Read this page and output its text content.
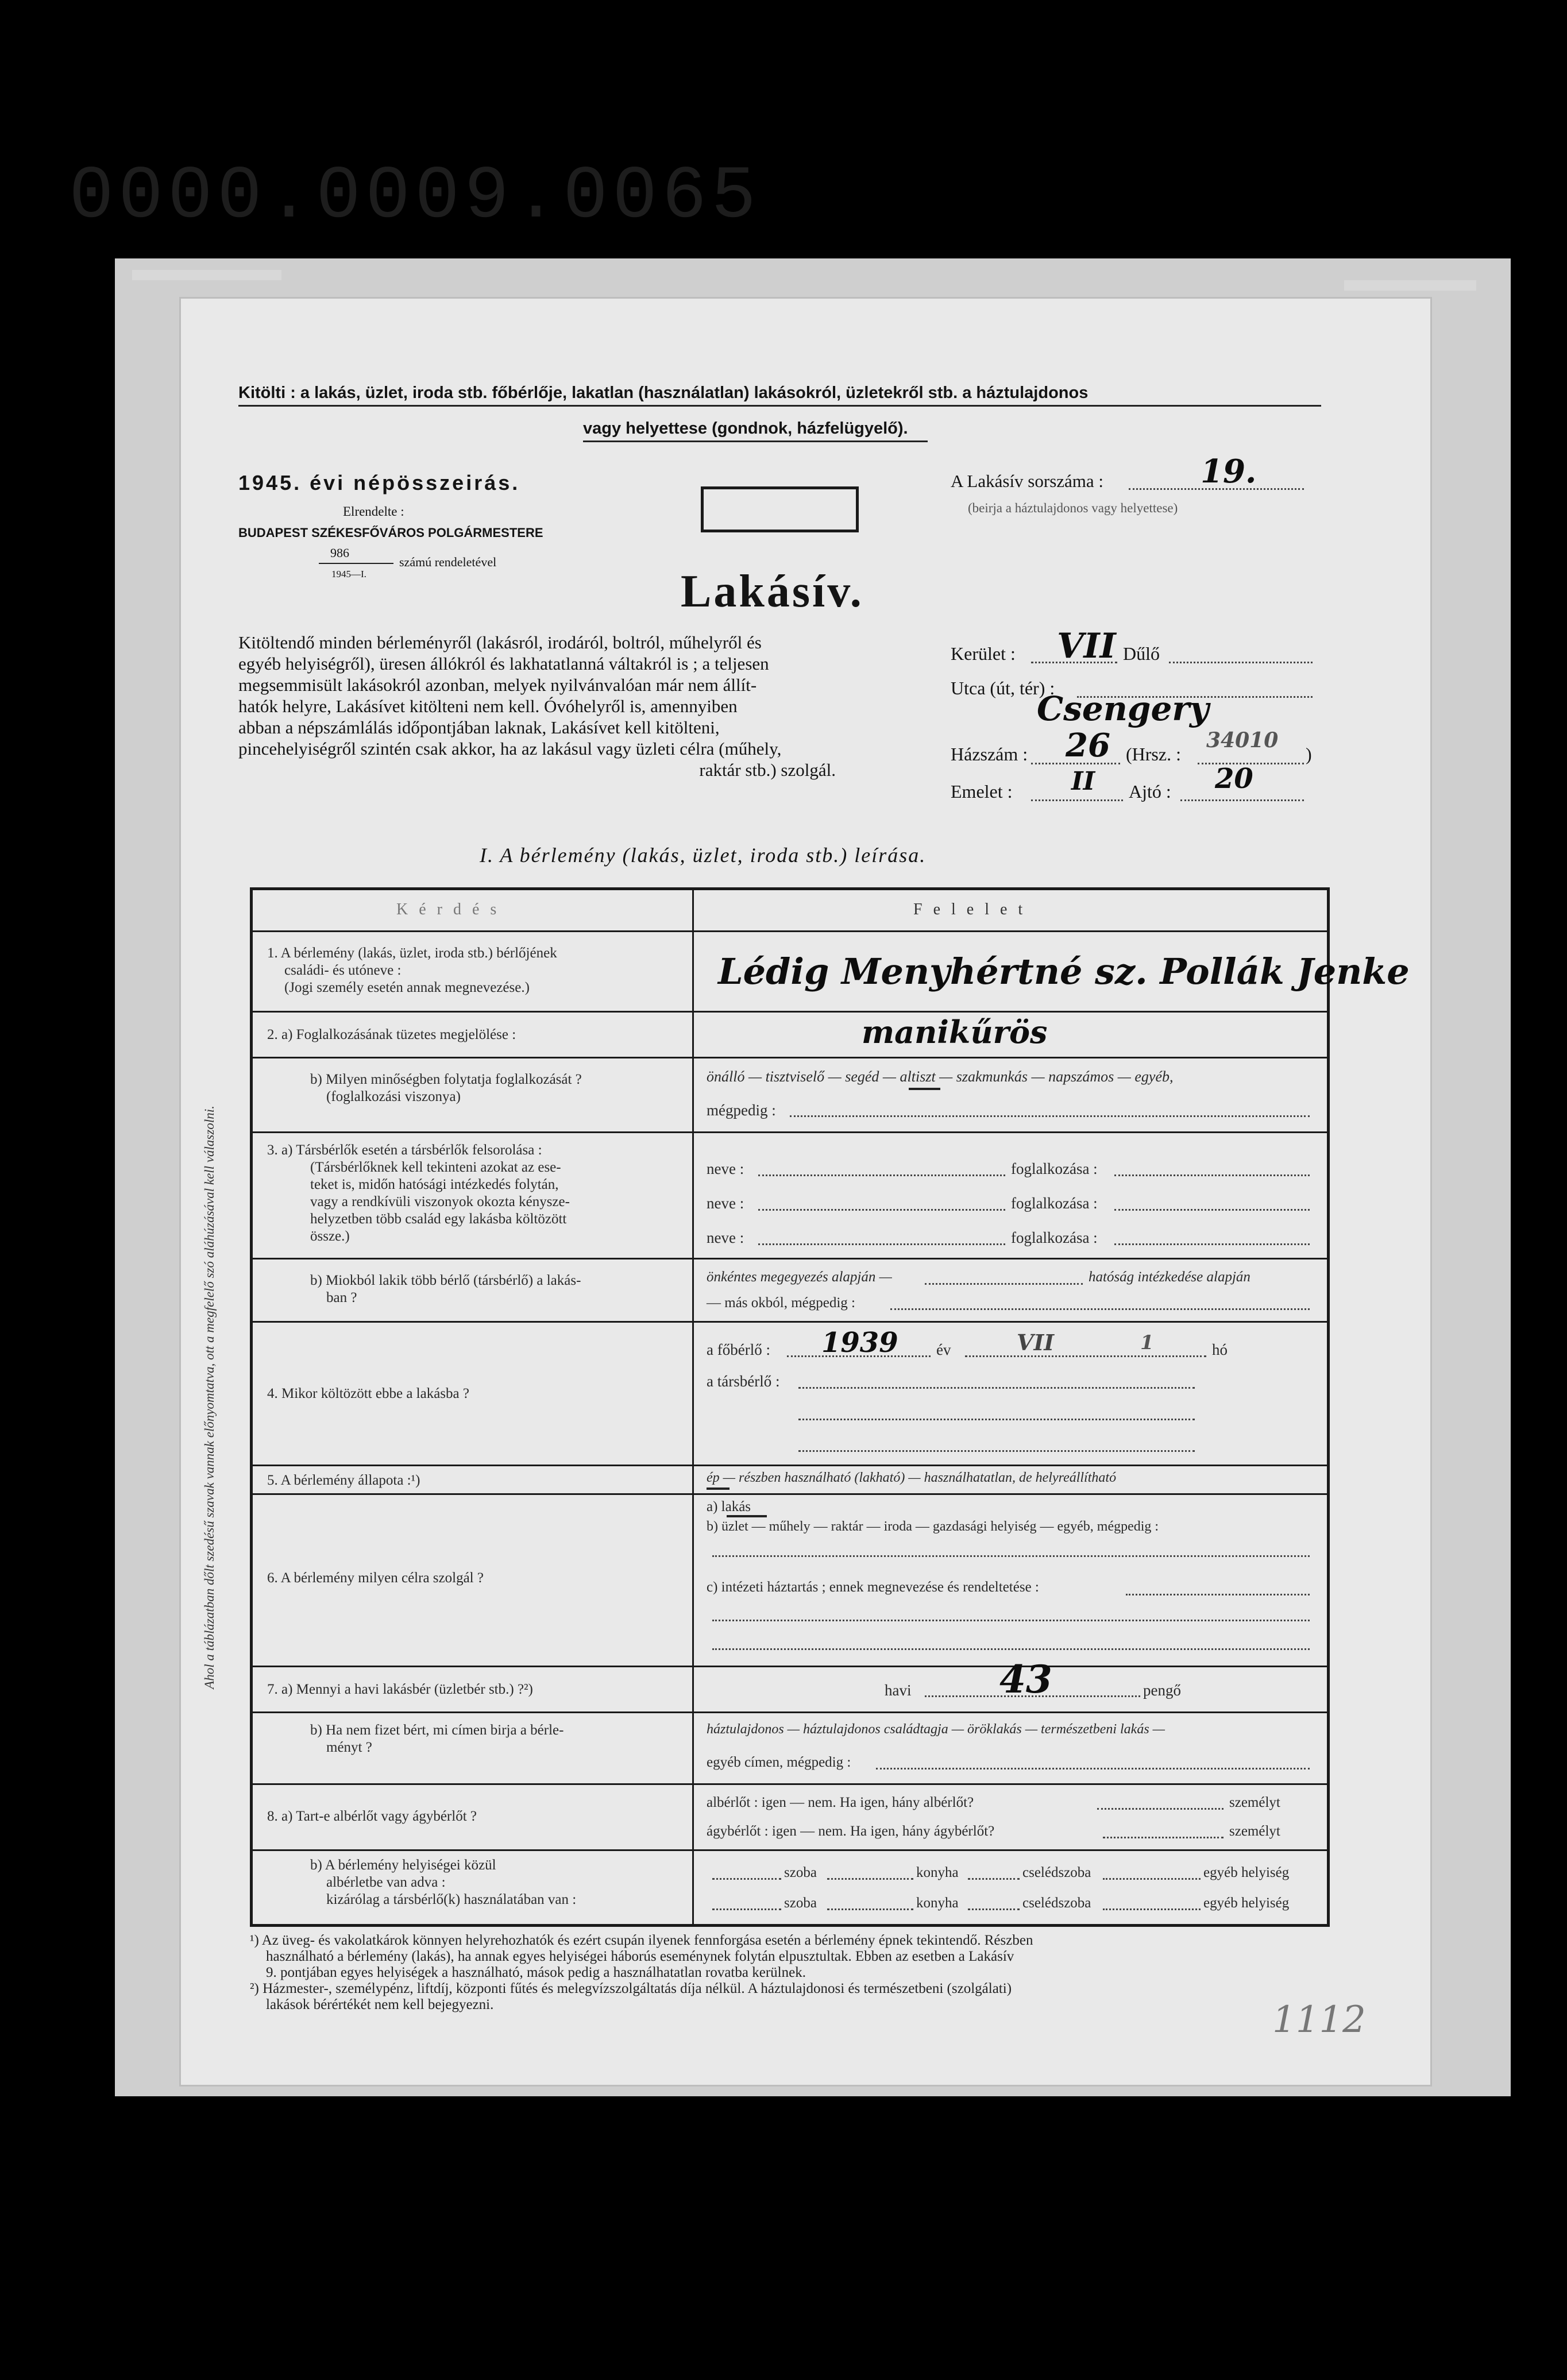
0000.0009.0065
Kitölti : a lakás, üzlet, iroda stb. főbérlője, lakatlan (használatlan) lakásokról, üzletekről stb. a háztulajdonos
vagy helyettese (gondnok, házfelügyelő).
1945. évi népösszeirás.
Elrendelte :
BUDAPEST SZÉKESFŐVÁROS POLGÁRMESTERE
986
1945—I.
számú rendeletével
Lakásív.
A Lakásív sorszáma :	19.
(beirja a háztulajdonos vagy helyettese)
Kitöltendő minden bérleményről (lakásról, irodáról, boltról, műhelyről és
egyéb helyiségről), üresen állókról és lakhatatlanná váltakról is ; a teljesen
megsemmisült lakásokról azonban, melyek nyilvánvalóan már nem állít-
hatók helyre, Lakásívet kitölteni nem kell. Óvóhelyről is, amennyiben
abban a népszámlálás időpontjában laknak, Lakásívet kell kitölteni,
pincehelyiségről szintén csak akkor, ha az lakásul vagy üzleti célra (műhely,
raktár stb.) szolgál.
Kerület : VII Dűlő
Utca (út, tér) :
Csengery
Házszám : 26 (Hrsz. :
34010
)
Emelet : II Ajtó : 20
I. A bérlemény (lakás, üzlet, iroda stb.) leírása.
Ahol a táblázatban dőlt szedésű szavak vannak előnyomtatva, ott a megfelelő szó aláhúzásával kell válaszolni.
K é r d é s	F e l e l e t
1. A bérlemény (lakás, üzlet, iroda stb.) bérlőjének
családi- és utóneve :
(Jogi személy esetén annak megnevezése.)	Lédig Menyhértné sz. Pollák Jenke
2. a) Foglalkozásának tüzetes megjelölése :	manikűrös
b) Milyen minőségben folytatja foglalkozását ?
(foglalkozási viszonya)
önálló — tisztviselő — segéd — altiszt — szakmunkás — napszámos — egyéb,
mégpedig :
3. a) Társbérlők esetén a társbérlők felsorolása :
(Társbérlőknek kell tekinteni azokat az ese-
teket is, midőn hatósági intézkedés folytán,
vagy a rendkívüli viszonyok okozta kénysze-
helyzetben több család egy lakásba költözött
össze.)
neve :	foglalkozása :
neve :	foglalkozása :
neve :	foglalkozása :
b) Miokból lakik több bérlő (társbérlő) a lakás-
ban ?
önkéntes megegyezés alapján —	hatóság intézkedése alapján
— más okból, mégpedig :
4. Mikor költözött ebbe a lakásba ?
a főbérlő : 1939 év	VII	1	hó
a társbérlő :
5. A bérlemény állapota :¹)	ép — részben használható (lakható) — használhatatlan, de helyreállítható
6. A bérlemény milyen célra szolgál ?
a) lakás
b) üzlet — műhely — raktár — iroda — gazdasági helyiség — egyéb, mégpedig :
c) intézeti háztartás ; ennek megnevezése és rendeltetése :
7. a) Mennyi a havi lakásbér (üzletbér stb.) ?²)	havi 43	pengő
b) Ha nem fizet bért, mi címen birja a bérle-
ményt ?
háztulajdonos — háztulajdonos családtagja — öröklakás — természetbeni lakás —
egyéb címen, mégpedig :
8. a) Tart-e albérlőt vagy ágybérlőt ?
albérlőt : igen — nem. Ha igen, hány albérlőt?	személyt
ágybérlőt : igen — nem. Ha igen, hány ágybérlőt?	személyt
b) A bérlemény helyiségei közül
albérletbe van adva :
kizárólag a társbérlő(k) használatában van :
szoba	konyha	cselédszoba	egyéb helyiség
szoba	konyha	cselédszoba	egyéb helyiség
¹) Az üveg- és vakolatkárok könnyen helyrehozhatók és ezért csupán ilyenek fennforgása esetén a bérlemény épnek tekintendő. Részben
használható a bérlemény (lakás), ha annak egyes helyiségei háborús eseménynek folytán elpusztultak. Ebben az esetben a Lakásív
9. pontjában egyes helyiségek a használható, mások pedig a használhatatlan rovatba kerülnek.
²) Házmester-, személypénz, liftdíj, központi fűtés és melegvízszolgáltatás díja nélkül. A háztulajdonosi és természetbeni (szolgálati)
lakások bérértékét nem kell bejegyezni.	1112
